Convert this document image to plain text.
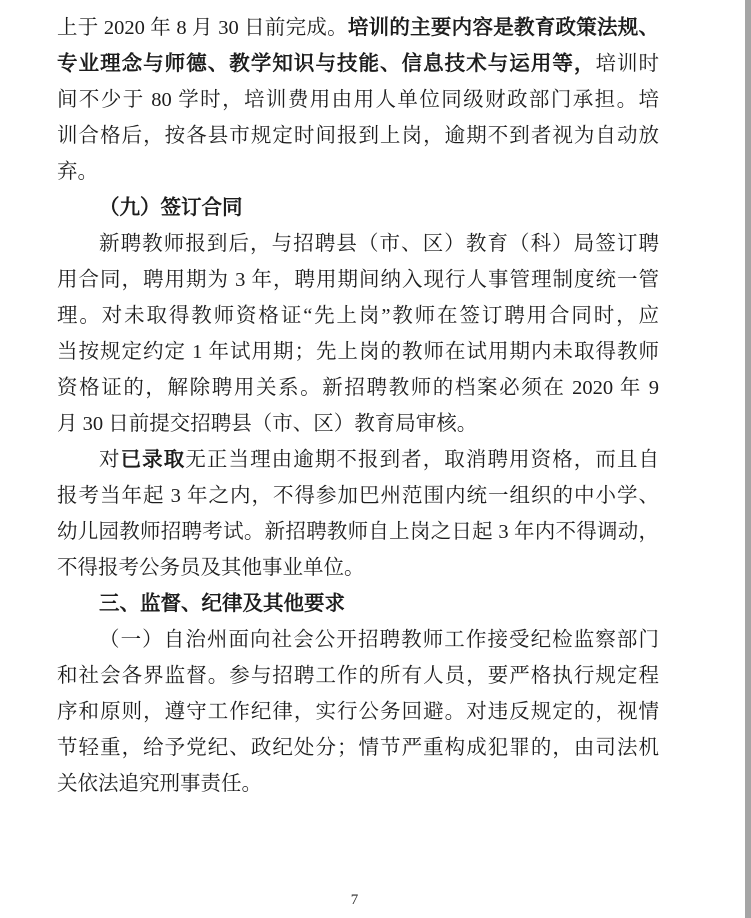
上于 2020 年 8 月 30 日前完成。培训的主要内容是教育政策法规、
专业理念与师德、教学知识与技能、信息技术与运用等，培训时
间不少于 80 学时，培训费用由用人单位同级财政部门承担。培
训合格后，按各县市规定时间报到上岗，逾期不到者视为自动放
弃。
（九）签订合同
新聘教师报到后，与招聘县（市、区）教育（科）局签订聘
用合同，聘用期为 3 年，聘用期间纳入现行人事管理制度统一管
理。对未取得教师资格证“先上岗”教师在签订聘用合同时，应
当按规定约定 1 年试用期；先上岗的教师在试用期内未取得教师
资格证的，解除聘用关系。新招聘教师的档案必须在 2020 年 9
月 30 日前提交招聘县（市、区）教育局审核。
对已录取无正当理由逾期不报到者，取消聘用资格，而且自
报考当年起 3 年之内，不得参加巴州范围内统一组织的中小学、
幼儿园教师招聘考试。新招聘教师自上岗之日起 3 年内不得调动，
不得报考公务员及其他事业单位。
三、监督、纪律及其他要求
（一）自治州面向社会公开招聘教师工作接受纪检监察部门
和社会各界监督。参与招聘工作的所有人员，要严格执行规定程
序和原则，遵守工作纪律，实行公务回避。对违反规定的，视情
节轻重，给予党纪、政纪处分；情节严重构成犯罪的，由司法机
关依法追究刑事责任。
7
